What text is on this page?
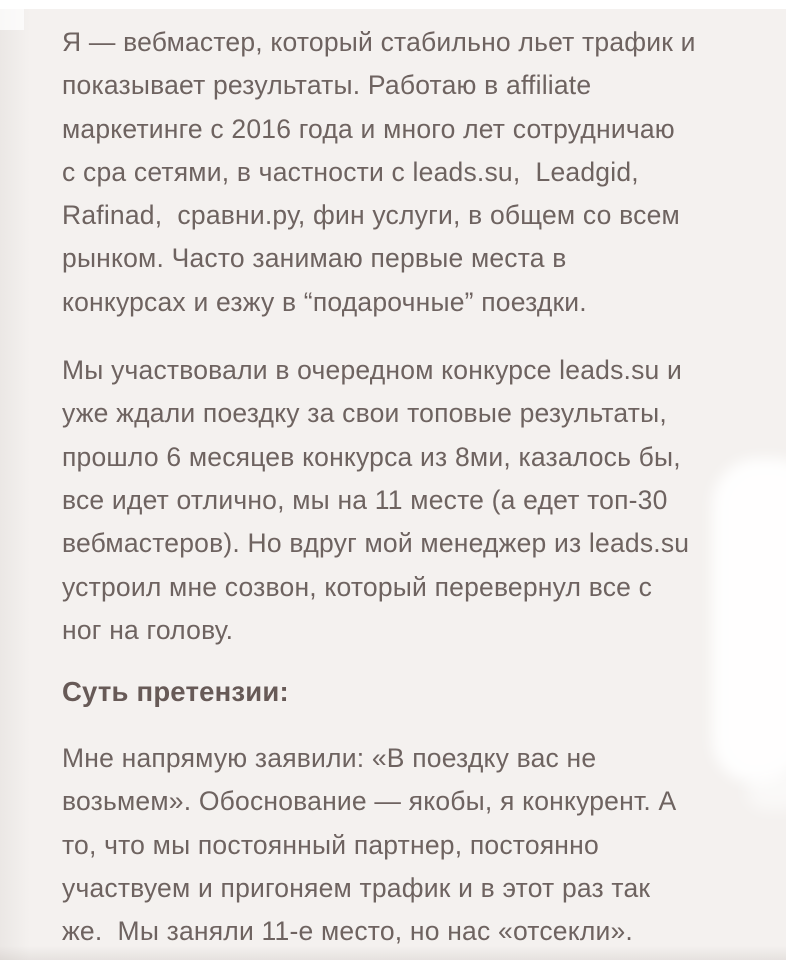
Я — вебмастер, который стабильно льет трафик и
показывает результаты. Работаю в affiliate
маркетинге с 2016 года и много лет сотрудничаю
с cpa сетями, в частности с leads.su,  Leadgid,
Rafinad,  сравни.ру, фин услуги, в общем со всем
рынком. Часто занимаю первые места в
конкурсах и езжу в “подарочные” поездки.
Мы участвовали в очередном конкурсе leads.su и
уже ждали поездку за свои топовые результаты,
прошло 6 месяцев конкурса из 8ми, казалось бы,
все идет отлично, мы на 11 месте (а едет топ-30
вебмастеров). Но вдруг мой менеджер из leads.su
устроил мне созвон, который перевернул все с
ног на голову.
Суть претензии:
Мне напрямую заявили: «В поездку вас не
возьмем». Обоснование — якобы, я конкурент. А
то, что мы постоянный партнер, постоянно
участвуем и пригоняем трафик и в этот раз так
же.  Мы заняли 11-е место, но нас «отсекли».
